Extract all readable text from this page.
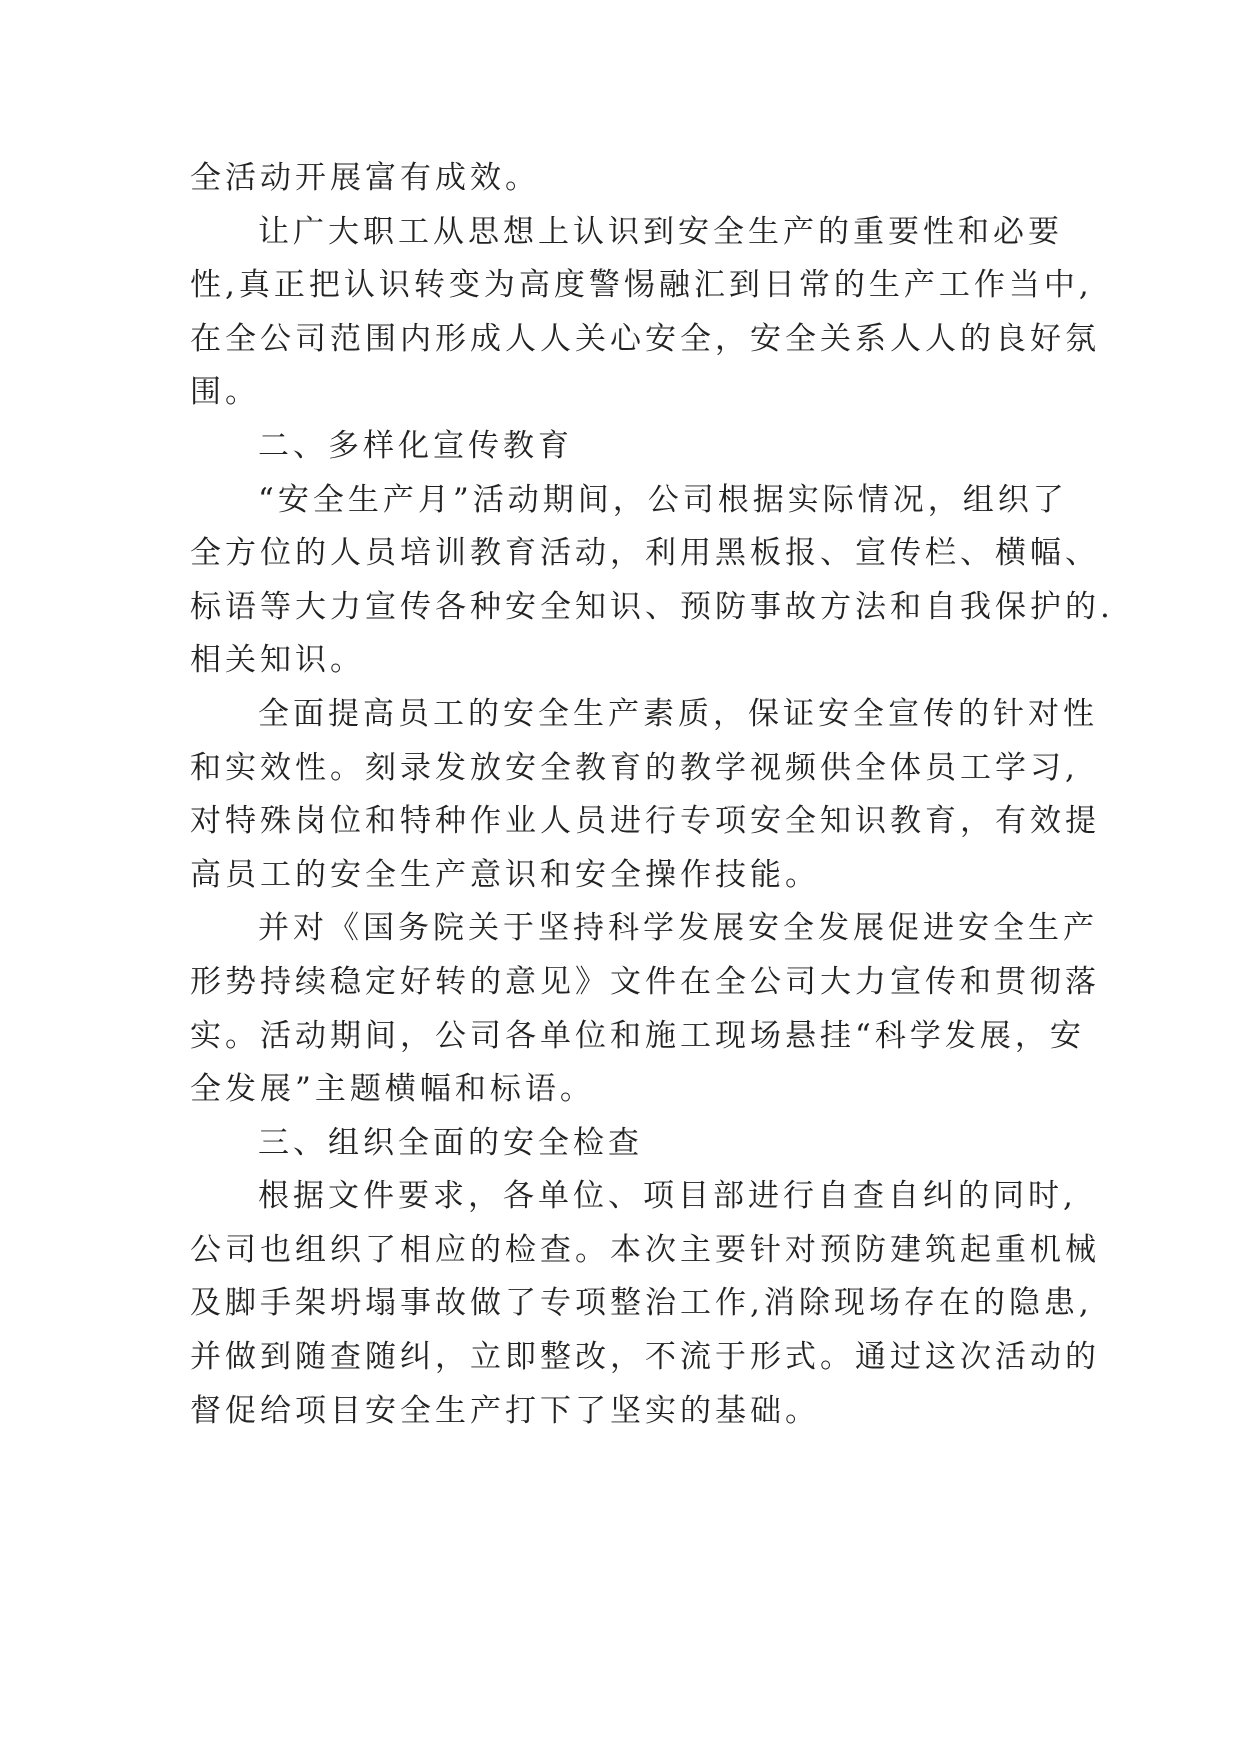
全活动开展富有成效。
让广大职工从思想上认识到安全生产的重要性和必要
性,真正把认识转变为高度警惕融汇到日常的生产工作当中,
在全公司范围内形成人人关心安全，安全关系人人的良好氛
围。
二、多样化宣传教育
“安全生产月”活动期间，公司根据实际情况，组织了
全方位的人员培训教育活动，利用黑板报、宣传栏、横幅、
标语等大力宣传各种安全知识、预防事故方法和自我保护的.
相关知识。
全面提高员工的安全生产素质，保证安全宣传的针对性
和实效性。刻录发放安全教育的教学视频供全体员工学习,
对特殊岗位和特种作业人员进行专项安全知识教育，有效提
高员工的安全生产意识和安全操作技能。
并对《国务院关于坚持科学发展安全发展促进安全生产
形势持续稳定好转的意见》文件在全公司大力宣传和贯彻落
实。活动期间，公司各单位和施工现场悬挂“科学发展，安
全发展”主题横幅和标语。
三、组织全面的安全检查
根据文件要求，各单位、项目部进行自查自纠的同时,
公司也组织了相应的检查。本次主要针对预防建筑起重机械
及脚手架坍塌事故做了专项整治工作,消除现场存在的隐患,
并做到随查随纠，立即整改，不流于形式。通过这次活动的
督促给项目安全生产打下了坚实的基础。
